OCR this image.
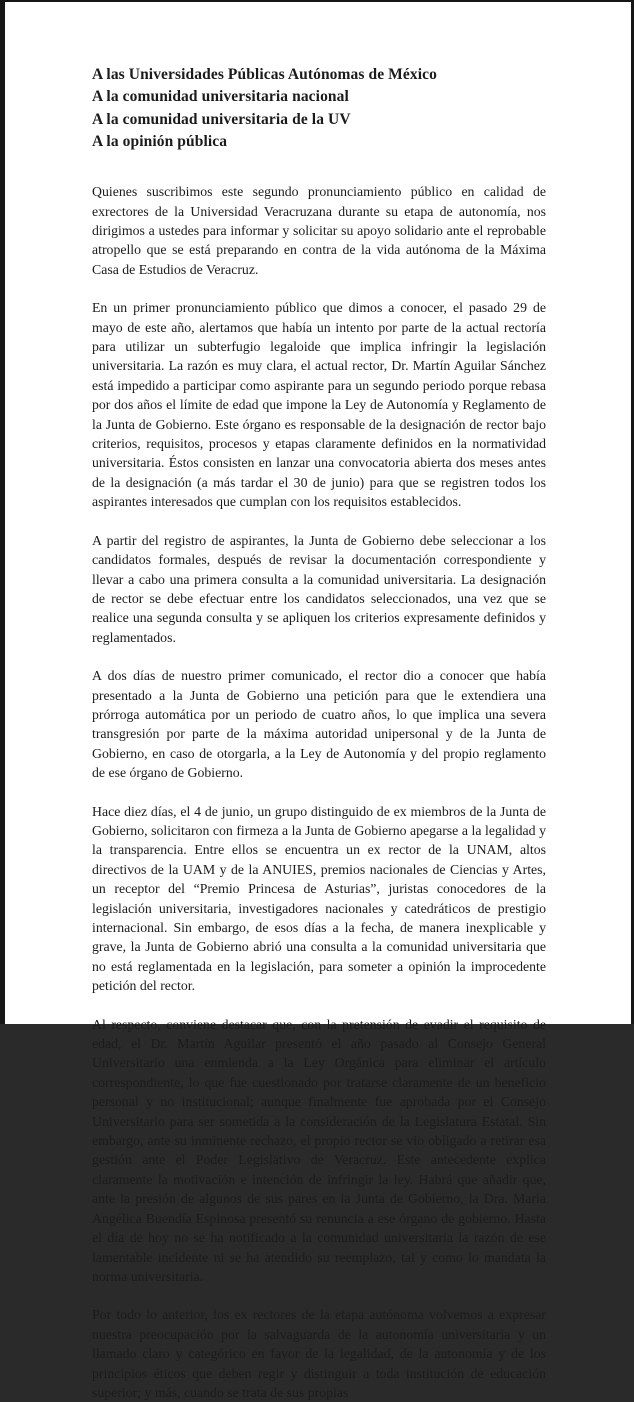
A las Universidades Públicas Autónomas de México
A la comunidad universitaria nacional
A la comunidad universitaria de la UV
A la opinión pública

Quienes suscribimos este segundo pronunciamiento público en calidad de exrectores de la Universidad Veracruzana durante su etapa de autonomía, nos dirigimos a ustedes para informar y solicitar su apoyo solidario ante el reprobable atropello que se está preparando en contra de la vida autónoma de la Máxima Casa de Estudios de Veracruz.

En un primer pronunciamiento público que dimos a conocer, el pasado 29 de mayo de este año, alertamos que había un intento por parte de la actual rectoría para utilizar un subterfugio legaloide que implica infringir la legislación universitaria. La razón es muy clara, el actual rector, Dr. Martín Aguilar Sánchez está impedido a participar como aspirante para un segundo periodo porque rebasa por dos años el límite de edad que impone la Ley de Autonomía y Reglamento de la Junta de Gobierno. Este órgano es responsable de la designación de rector bajo criterios, requisitos, procesos y etapas claramente definidos en la normatividad universitaria. Éstos consisten en lanzar una convocatoria abierta dos meses antes de la designación (a más tardar el 30 de junio) para que se registren todos los aspirantes interesados que cumplan con los requisitos establecidos.

A partir del registro de aspirantes, la Junta de Gobierno debe seleccionar a los candidatos formales, después de revisar la documentación correspondiente y llevar a cabo una primera consulta a la comunidad universitaria. La designación de rector se debe efectuar entre los candidatos seleccionados, una vez que se realice una segunda consulta y se apliquen los criterios expresamente definidos y reglamentados.

A dos días de nuestro primer comunicado, el rector dio a conocer que había presentado a la Junta de Gobierno una petición para que le extendiera una prórroga automática por un periodo de cuatro años, lo que implica una severa transgresión por parte de la máxima autoridad unipersonal y de la Junta de Gobierno, en caso de otorgarla, a la Ley de Autonomía y del propio reglamento de ese órgano de Gobierno.

Hace diez días, el 4 de junio, un grupo distinguido de ex miembros de la Junta de Gobierno, solicitaron con firmeza a la Junta de Gobierno apegarse a la legalidad y la transparencia. Entre ellos se encuentra un ex rector de la UNAM, altos directivos de la UAM y de la ANUIES, premios nacionales de Ciencias y Artes, un receptor del “Premio Princesa de Asturias”, juristas conocedores de la legislación universitaria, investigadores nacionales y catedráticos de prestigio internacional. Sin embargo, de esos días a la fecha, de manera inexplicable y grave, la Junta de Gobierno abrió una consulta a la comunidad universitaria que no está reglamentada en la legislación, para someter a opinión la improcedente petición del rector.

Al respecto, conviene destacar que, con la pretensión de evadir el requisito de edad, el Dr. Martín Aguilar presentó el año pasado al Consejo General Universitario una enmienda a la Ley Orgánica para eliminar el artículo correspondiente, lo que fue cuestionado por tratarse claramente de un beneficio personal y no institucional; aunque finalmente fue aprobada por el Consejo Universitario para ser sometida a la consideración de la Legislatura Estatal. Sin embargo, ante su inminente rechazo, el propio rector se vio obligado a retirar esa gestión ante el Poder Legislativo de Veracruz. Este antecedente explica claramente la motivación e intención de infringir la ley. Habrá que añadir que, ante la presión de algunos de sus pares en la Junta de Gobierno, la Dra. María Angélica Buendía Espinosa presentó su renuncia a ese órgano de gobierno. Hasta el día de hoy no se ha notificado a la comunidad universitaria la razón de ese lamentable incidente ni se ha atendido su reemplazo, tal y como lo mandata la norma universitaria.

Por todo lo anterior, los ex rectores de la etapa autónoma volvemos a expresar nuestra preocupación por la salvaguarda de la autonomía universitaria y un llamado claro y categórico en favor de la legalidad, de la autonomía y de los principios éticos que deben regir y distinguir a toda institución de educación superior; y más, cuando se trata de sus propias
